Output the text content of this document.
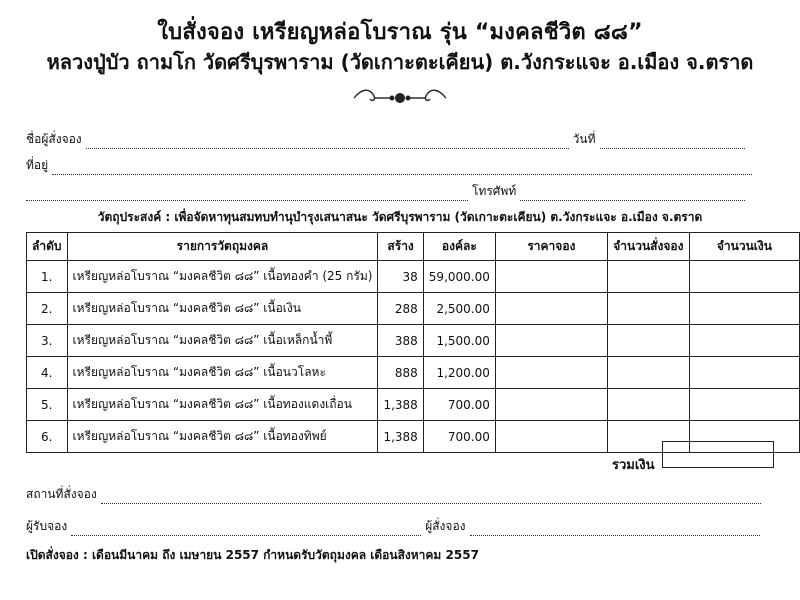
ใบสั่งจอง เหรียญหล่อโบราณ รุ่น “มงคลชีวิต ๘๘”
หลวงปู่บัว ถามโก วัดศรีบุรพาราม (วัดเกาะตะเคียน) ต.วังกระแจะ อ.เมือง จ.ตราด
ชื่อผู้สั่งจอง	วันที่
ที่อยู่
โทรศัพท์
วัตถุประสงค์ : เพื่อจัดหาทุนสมทบทำนุบำรุงเสนาสนะ วัดศรีบุรพาราม (วัดเกาะตะเคียน) ต.วังกระแจะ อ.เมือง จ.ตราด
ลำดับ	รายการวัตถุมงคล	สร้าง	องค์ละ	ราคาจอง	จำนวนสั่งจอง	จำนวนเงิน
1.	เหรียญหล่อโบราณ “มงคลชีวิต ๘๘” เนื้อทองคำ (25 กรัม)	38	59,000.00			
2.	เหรียญหล่อโบราณ “มงคลชีวิต ๘๘” เนื้อเงิน	288	2,500.00			
3.	เหรียญหล่อโบราณ “มงคลชีวิต ๘๘” เนื้อเหล็กน้ำพี้	388	1,500.00			
4.	เหรียญหล่อโบราณ “มงคลชีวิต ๘๘” เนื้อนวโลหะ	888	1,200.00			
5.	เหรียญหล่อโบราณ “มงคลชีวิต ๘๘” เนื้อทองแดงเถื่อน	1,388	700.00			
6.	เหรียญหล่อโบราณ “มงคลชีวิต ๘๘” เนื้อทองทิพย์	1,388	700.00			
รวมเงิน
สถานที่สั่งจอง
ผู้รับจอง	ผู้สั่งจอง
เปิดสั่งจอง : เดือนมีนาคม ถึง เมษายน 2557 กำหนดรับวัตถุมงคล เดือนสิงหาคม 2557
